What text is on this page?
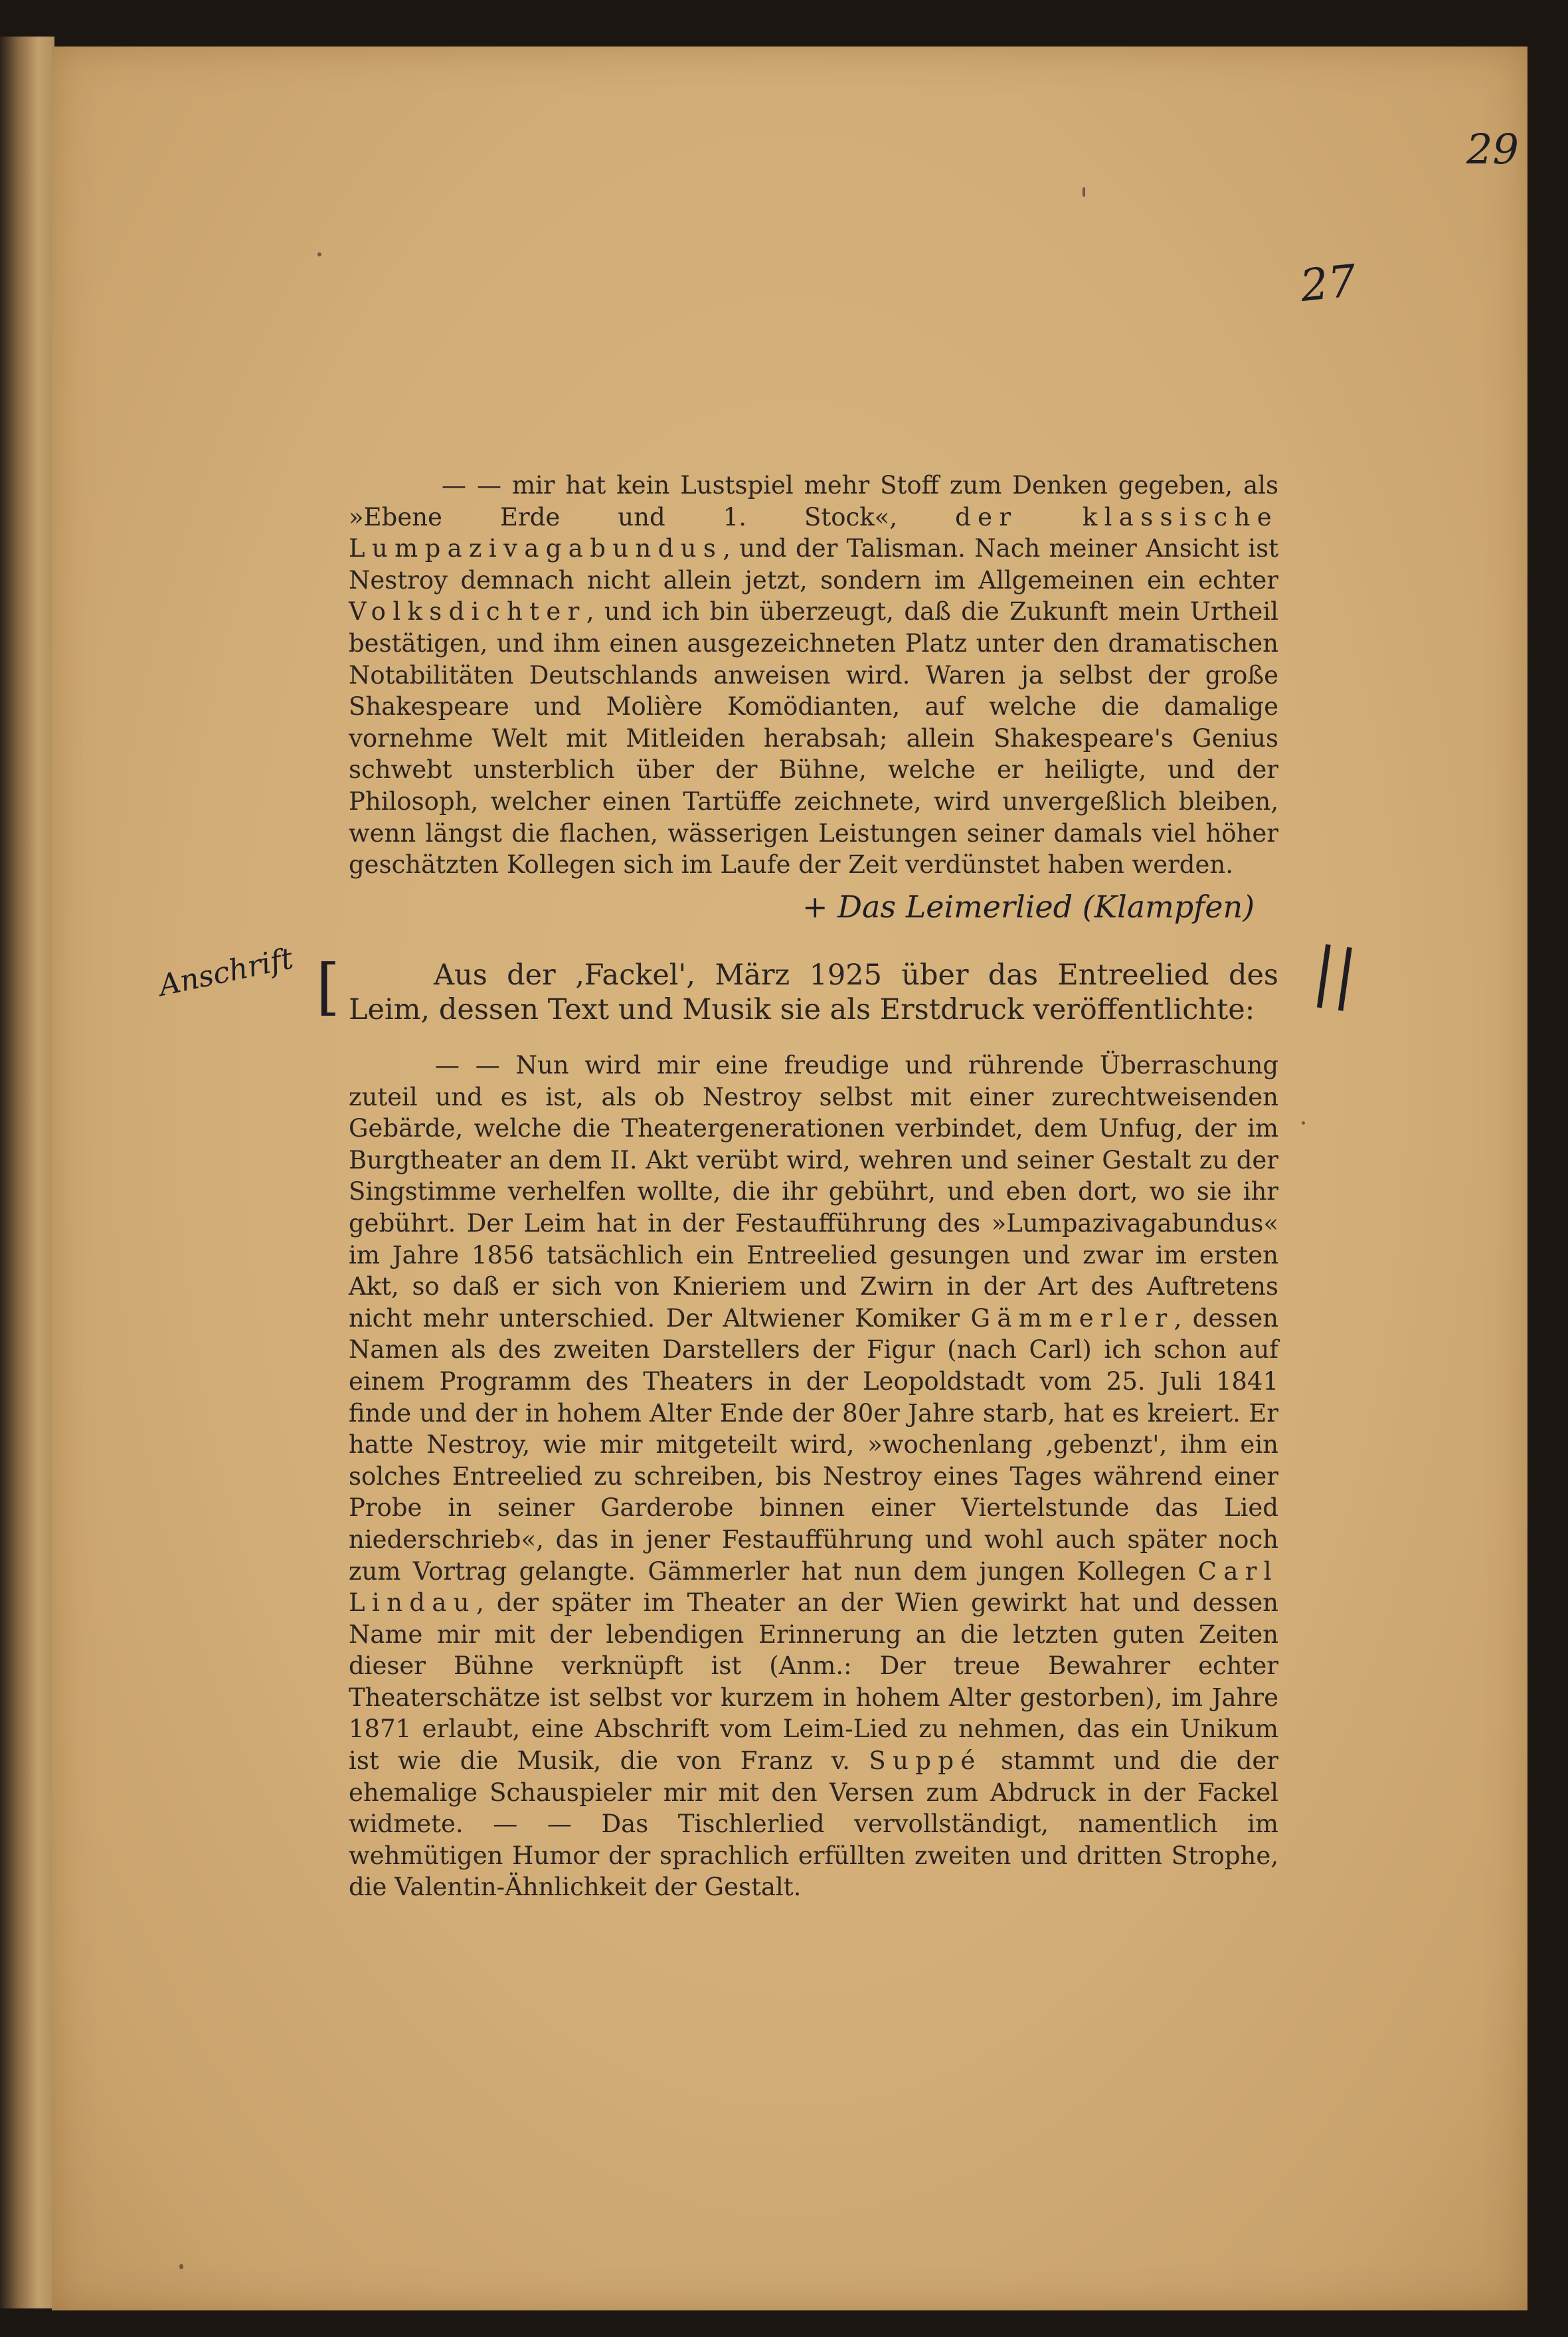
29
27
Anschrift [	||
+ Das Leimerlied (Klampfen)

— — mir hat kein Lustspiel mehr Stoff zum Denken gegeben, als »Ebene Erde und 1. Stock«, der klassische Lumpazivagabundus, und der Talisman. Nach meiner Ansicht ist Nestroy demnach nicht allein jetzt, sondern im Allgemeinen ein echter Volksdichter, und ich bin überzeugt, daß die Zukunft mein Urtheil bestätigen, und ihm einen ausgezeichneten Platz unter den dramatischen Notabilitäten Deutschlands anweisen wird. Waren ja selbst der große Shakespeare und Molière Komödianten, auf welche die damalige vornehme Welt mit Mitleiden herabsah; allein Shakespeare's Genius schwebt unsterblich über der Bühne, welche er heiligte, und der Philosoph, welcher einen Tartüffe zeichnete, wird unvergeßlich bleiben, wenn längst die flachen, wässerigen Leistungen seiner damals viel höher geschätzten Kollegen sich im Laufe der Zeit verdünstet haben werden.

Aus der ‚Fackel', März 1925 über das Entreelied des Leim, dessen Text und Musik sie als Erstdruck veröffentlichte:

— — Nun wird mir eine freudige und rührende Überraschung zuteil und es ist, als ob Nestroy selbst mit einer zurechtweisenden Gebärde, welche die Theatergenerationen verbindet, dem Unfug, der im Burgtheater an dem II. Akt verübt wird, wehren und seiner Gestalt zu der Singstimme verhelfen wollte, die ihr gebührt, und eben dort, wo sie ihr gebührt. Der Leim hat in der Festaufführung des »Lumpazivagabundus« im Jahre 1856 tatsächlich ein Entreelied gesungen und zwar im ersten Akt, so daß er sich von Knieriem und Zwirn in der Art des Auftretens nicht mehr unterschied. Der Altwiener Komiker Gämmerler, dessen Namen als des zweiten Darstellers der Figur (nach Carl) ich schon auf einem Programm des Theaters in der Leopoldstadt vom 25. Juli 1841 finde und der in hohem Alter Ende der 80er Jahre starb, hat es kreiert. Er hatte Nestroy, wie mir mitgeteilt wird, »wochenlang ‚gebenzt', ihm ein solches Entreelied zu schreiben, bis Nestroy eines Tages während einer Probe in seiner Garderobe binnen einer Viertelstunde das Lied niederschrieb«, das in jener Festaufführung und wohl auch später noch zum Vortrag gelangte. Gämmerler hat nun dem jungen Kollegen Carl Lindau, der später im Theater an der Wien gewirkt hat und dessen Name mir mit der lebendigen Erinnerung an die letzten guten Zeiten dieser Bühne verknüpft ist (Anm.: Der treue Bewahrer echter Theaterschätze ist selbst vor kurzem in hohem Alter gestorben), im Jahre 1871 erlaubt, eine Abschrift vom Leim-Lied zu nehmen, das ein Unikum ist wie die Musik, die von Franz v. Suppé stammt und die der ehemalige Schauspieler mir mit den Versen zum Abdruck in der Fackel widmete. — — Das Tischlerlied vervollständigt, namentlich im wehmütigen Humor der sprachlich erfüllten zweiten und dritten Strophe, die Valentin-Ähnlichkeit der Gestalt.
